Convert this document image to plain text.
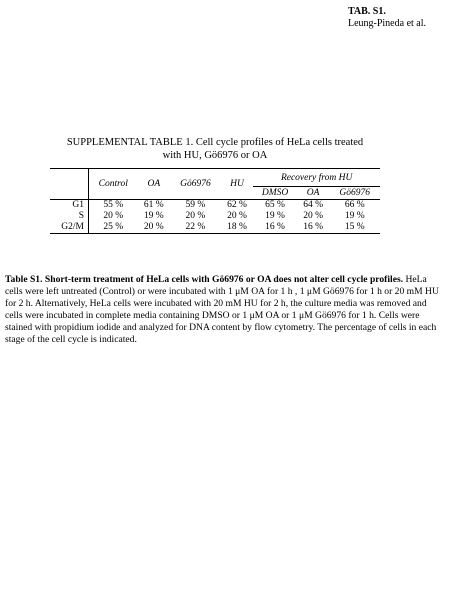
TAB. S1.
Leung-Pineda et al.
SUPPLEMENTAL TABLE 1. Cell cycle profiles of HeLa cells treated
with HU, Gö6976 or OA
	Control	OA	Gö6976	HU	Recovery from HU		
					DMSO	OA	Gö6976
G1	55 %	61 %	59 %	62 %	65 %	64 %	66 %
S	20 %	19 %	20 %	20 %	19 %	20 %	19 %
G2/M	25 %	20 %	22 %	18 %	16 %	16 %	15 %
Table S1. Short-term treatment of HeLa cells with Gö6976 or OA does not alter cell cycle profiles. HeLa cells were left untreated (Control) or were incubated with 1 μM OA for 1 h , 1 μM Gö6976 for 1 h or 20 mM HU for 2 h. Alternatively, HeLa cells were incubated with 20 mM HU for 2 h, the culture media was removed and cells were incubated in complete media containing DMSO or 1 μM OA or 1 μM Gö6976 for 1 h. Cells were stained with propidium iodide and analyzed for DNA content by flow cytometry. The percentage of cells in each stage of the cell cycle is indicated.
